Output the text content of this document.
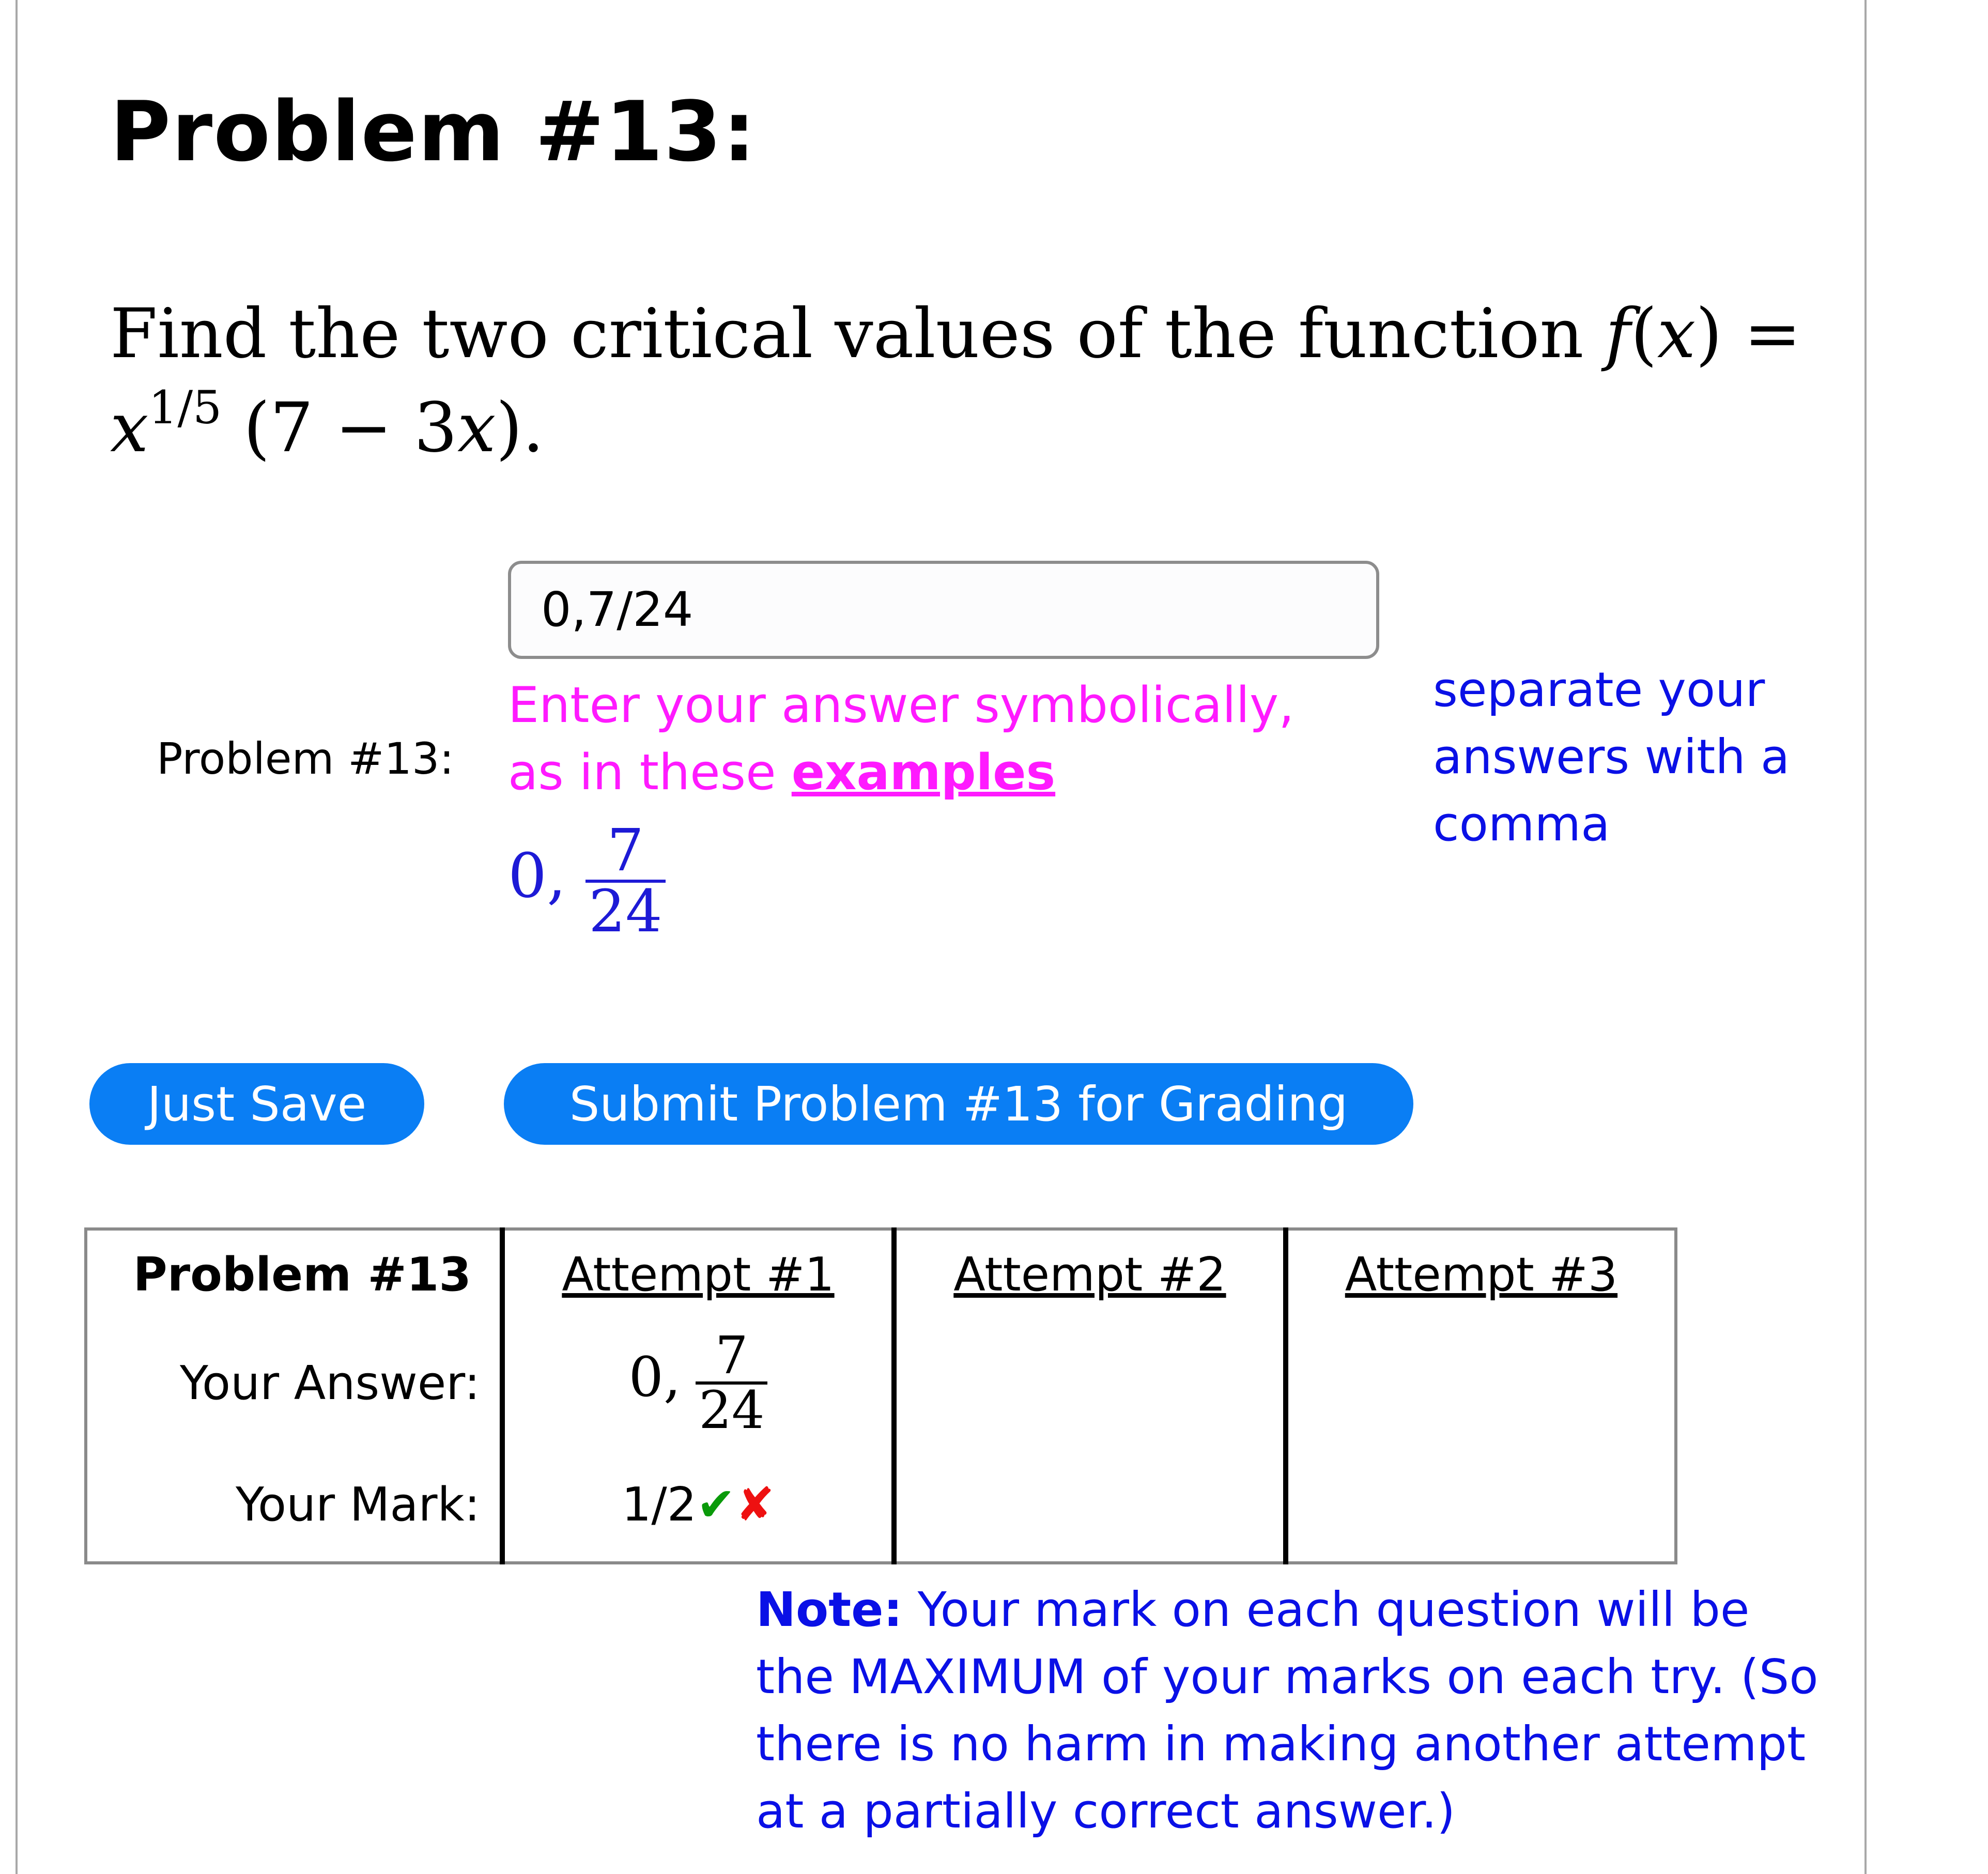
Problem #13:
Find the two critical values of the function $f(x) = x^{1/5}$ (7 − 3x).
0,7/24
Problem #13:
Enter your answer symbolically,
as in these examples
separate your answers with a comma
0, $\frac{7}{24}$
Just Save	Submit Problem #13 for Grading
Problem #13	Attempt #1	Attempt #2	Attempt #3
Your Answer:	0, $\frac{7}{24}$

Your Mark:	1/2✔✘		
Note: Your mark on each question will be the MAXIMUM of your marks on each try. (So there is no harm in making another attempt at a partially correct answer.)
